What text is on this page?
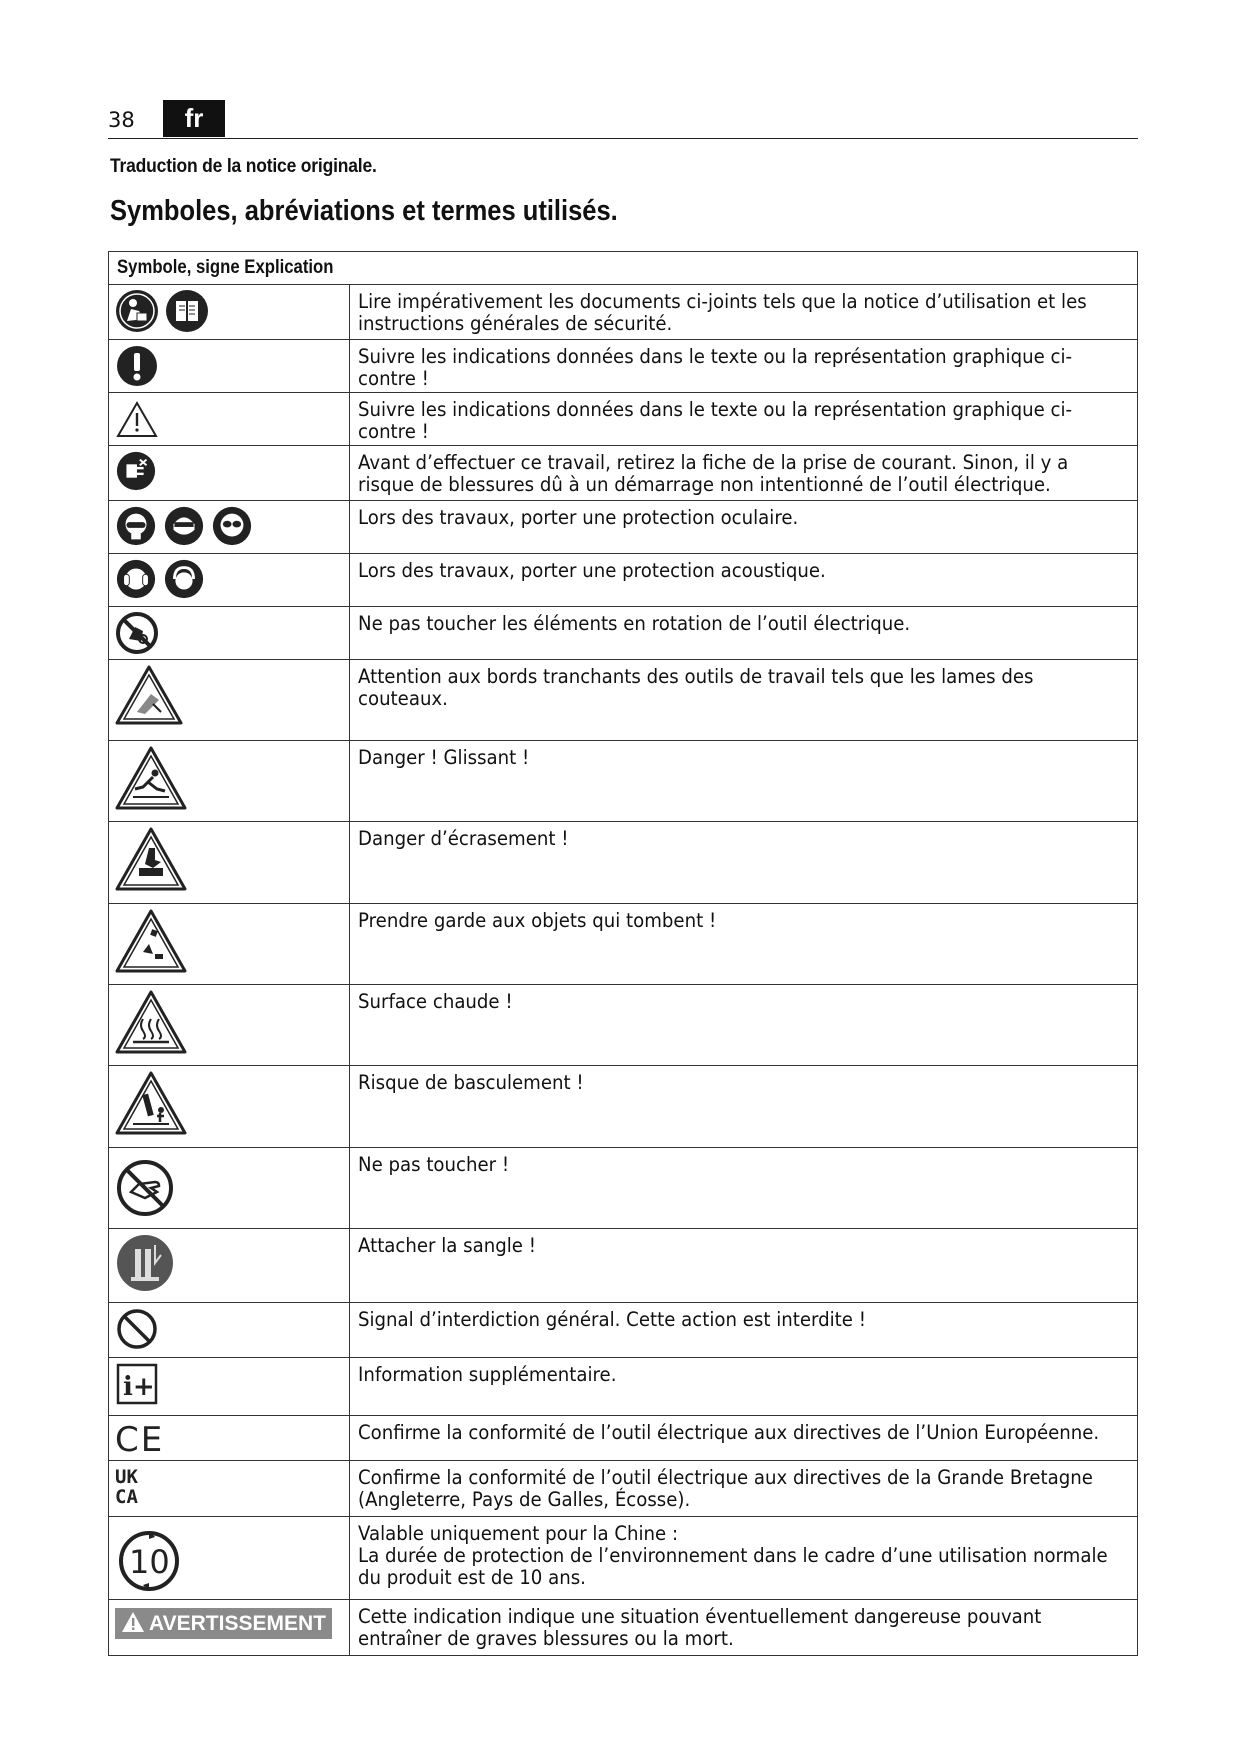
38	fr
Traduction de la notice originale.
Symboles, abréviations et termes utilisés.
Symbole, signe Explication	

Lire impérativement les documents ci-joints tels que la notice d’utilisation et les instructions générales de sécurité.

Suivre les indications données dans le texte ou la représentation graphique ci-contre !

Suivre les indications données dans le texte ou la représentation graphique ci-contre !

Avant d’effectuer ce travail, retirez la fiche de la prise de courant. Sinon, il y a risque de blessures dû à un démarrage non intentionné de l’outil électrique.

Lors des travaux, porter une protection oculaire.

Lors des travaux, porter une protection acoustique.

Ne pas toucher les éléments en rotation de l’outil électrique.

Attention aux bords tranchants des outils de travail tels que les lames des couteaux.

Danger ! Glissant !

Danger d’écrasement !

Prendre garde aux objets qui tombent !

Surface chaude !

Risque de basculement !

Ne pas toucher !

Attacher la sangle !

Signal d’interdiction général. Cette action est interdite !

i+	Information supplémentaire.

CE	Confirme la conformité de l’outil électrique aux directives de l’Union Européenne.

UK
CA	Confirme la conformité de l’outil électrique aux directives de la Grande Bretagne (Angleterre, Pays de Galles, Écosse).

10	Valable uniquement pour la Chine :
La durée de protection de l’environnement dans le cadre d’une utilisation normale du produit est de 10 ans.

AVERTISSEMENT	Cette indication indique une situation éventuellement dangereuse pouvant entraîner de graves blessures ou la mort.
